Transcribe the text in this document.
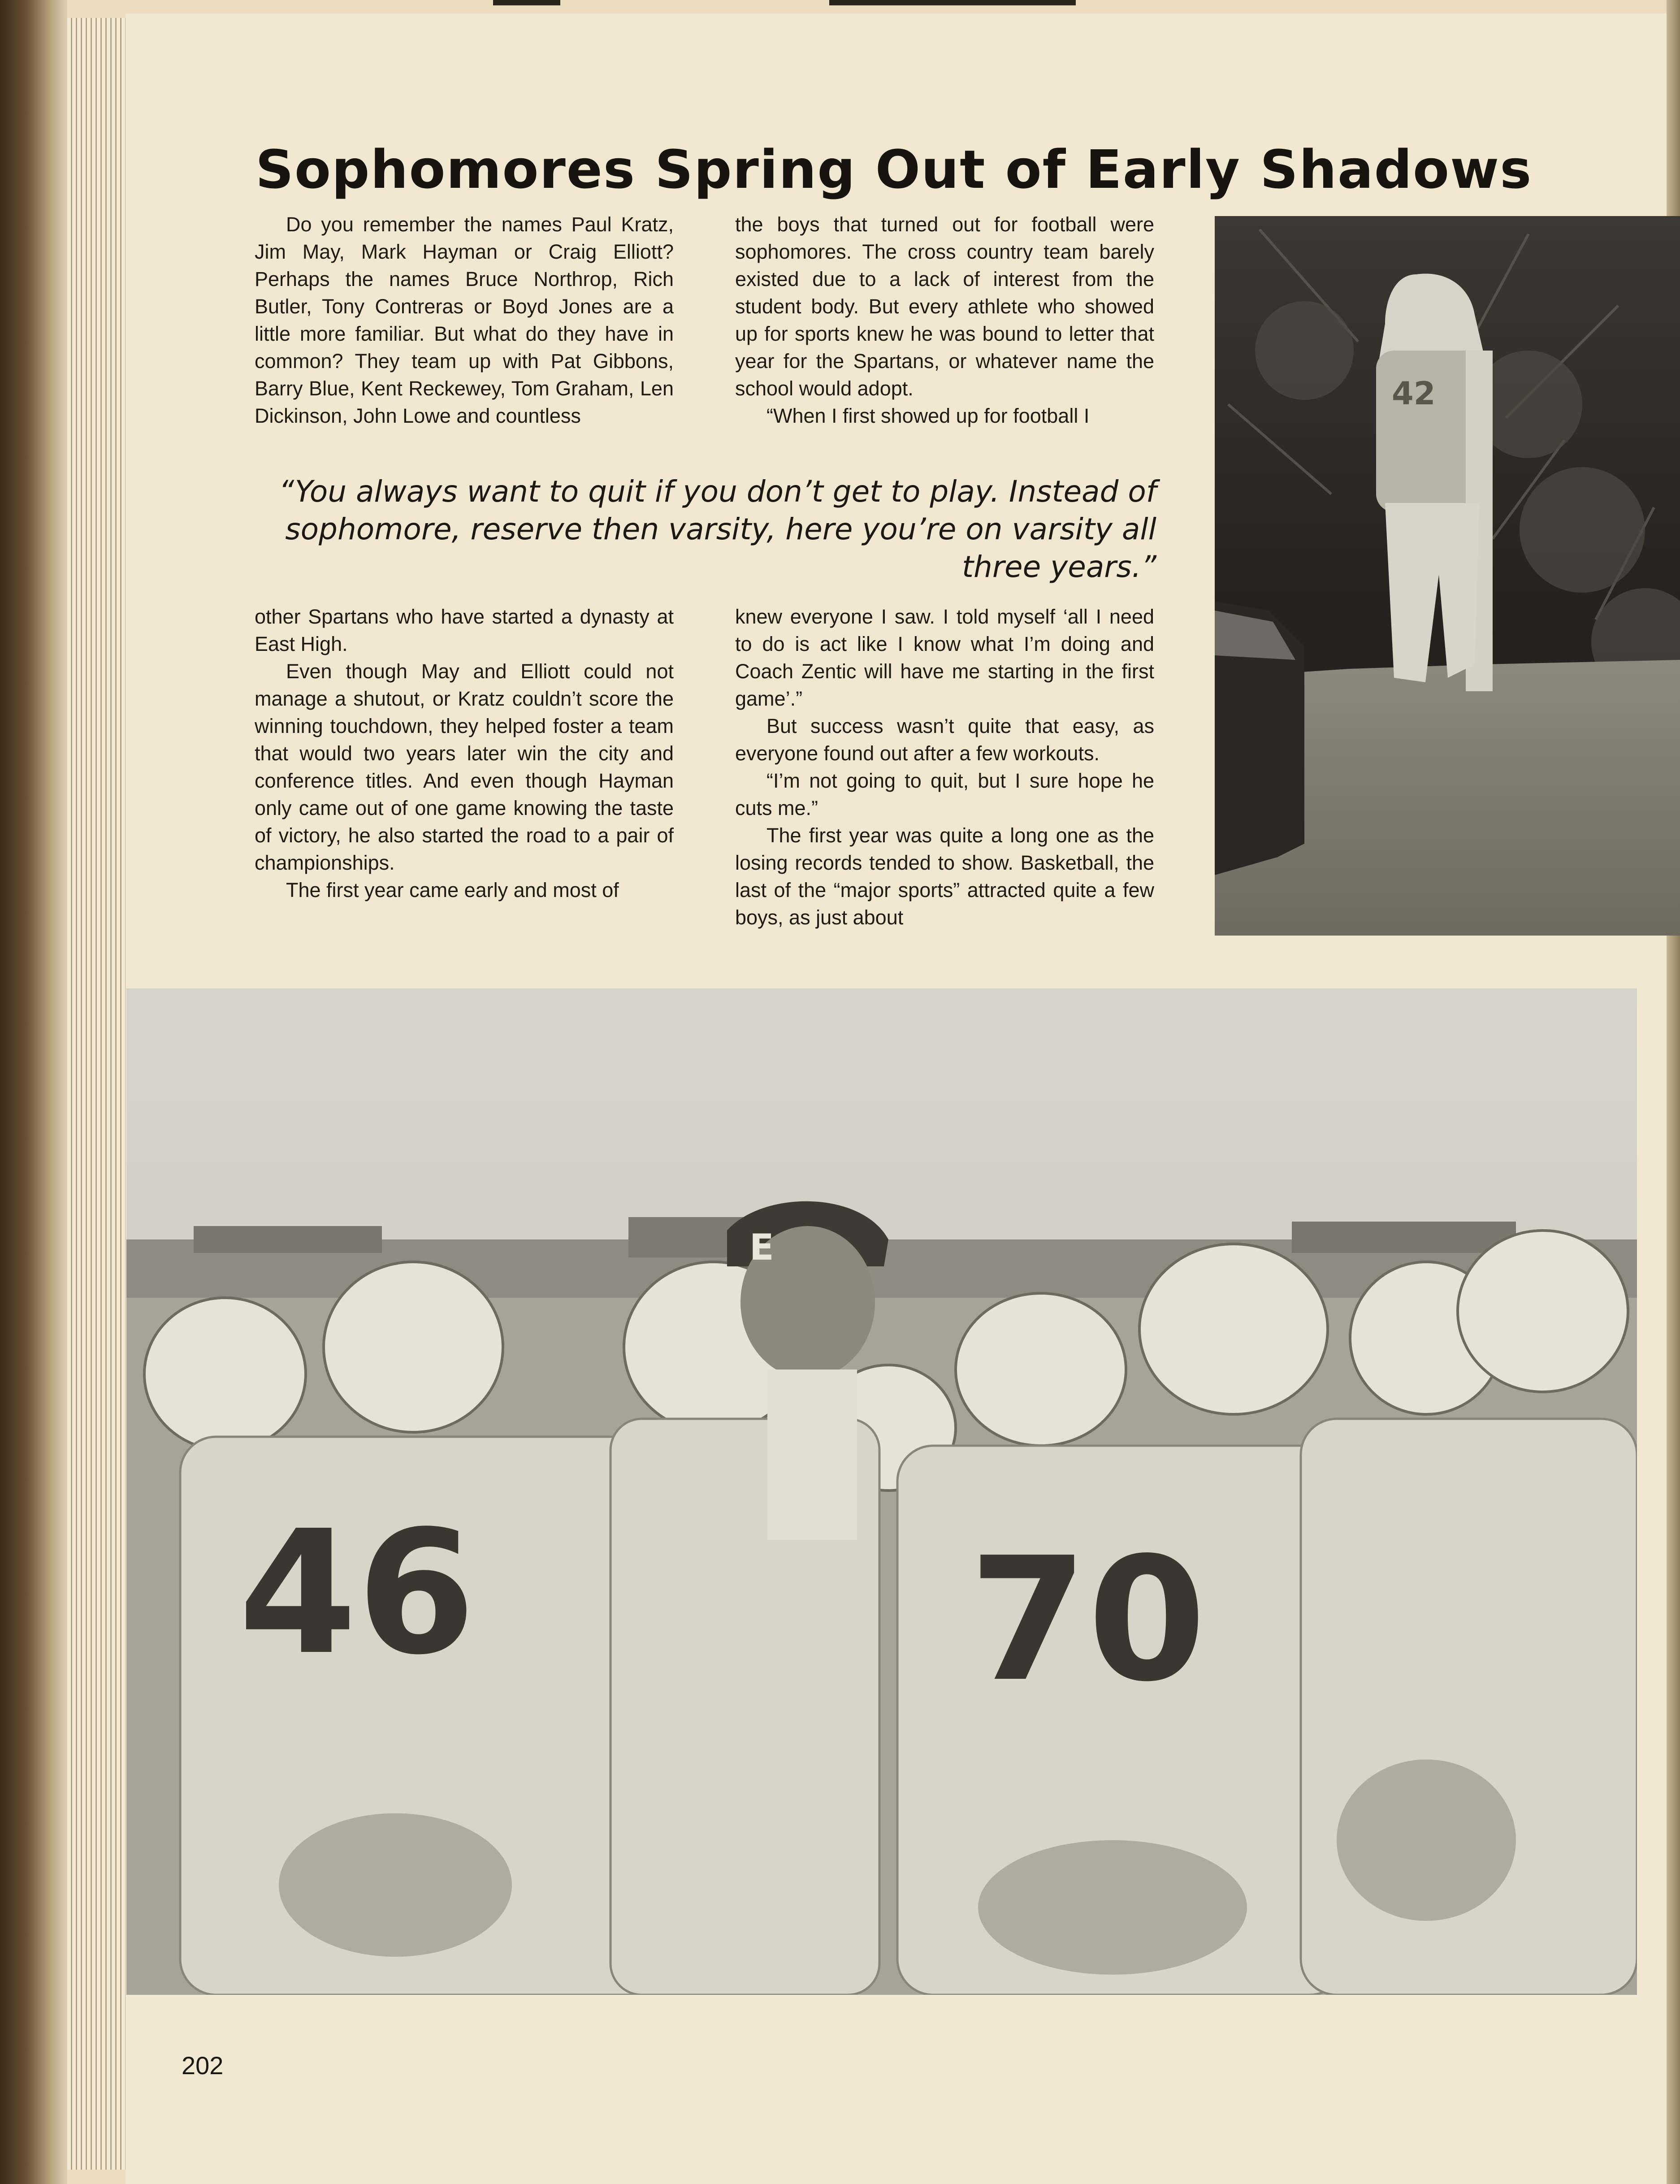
Sophomores Spring Out of Early Shadows

Do you remember the names Paul Kratz, Jim May, Mark Hayman or Craig Elliott? Perhaps the names Bruce Northrop, Rich Butler, Tony Contreras or Boyd Jones are a little more familiar. But what do they have in common? They team up with Pat Gibbons, Barry Blue, Kent Reckewey, Tom Graham, Len Dickinson, John Lowe and countless

the boys that turned out for football were sophomores. The cross country team barely existed due to a lack of interest from the student body. But every athlete who showed up for sports knew he was bound to letter that year for the Spartans, or whatever name the school would adopt.

“When I first showed up for football I

“You always want to quit if you don’t get to play. Instead of sophomore, reserve then varsity, here you’re on varsity all three years.”

other Spartans who have started a dynasty at East High.

Even though May and Elliott could not manage a shutout, or Kratz couldn’t score the winning touchdown, they helped foster a team that would two years later win the city and conference titles. And even though Hayman only came out of one game knowing the taste of victory, he also started the road to a pair of championships.

The first year came early and most of

knew everyone I saw. I told myself ‘all I need to do is act like I know what I’m doing and Coach Zentic will have me starting in the first game’.”

But success wasn’t quite that easy, as everyone found out after a few workouts.

“I’m not going to quit, but I sure hope he cuts me.”

The first year was quite a long one as the losing records tended to show. Basketball, the last of the “major sports” attracted quite a few boys, as just about

42
E
46	70
202
